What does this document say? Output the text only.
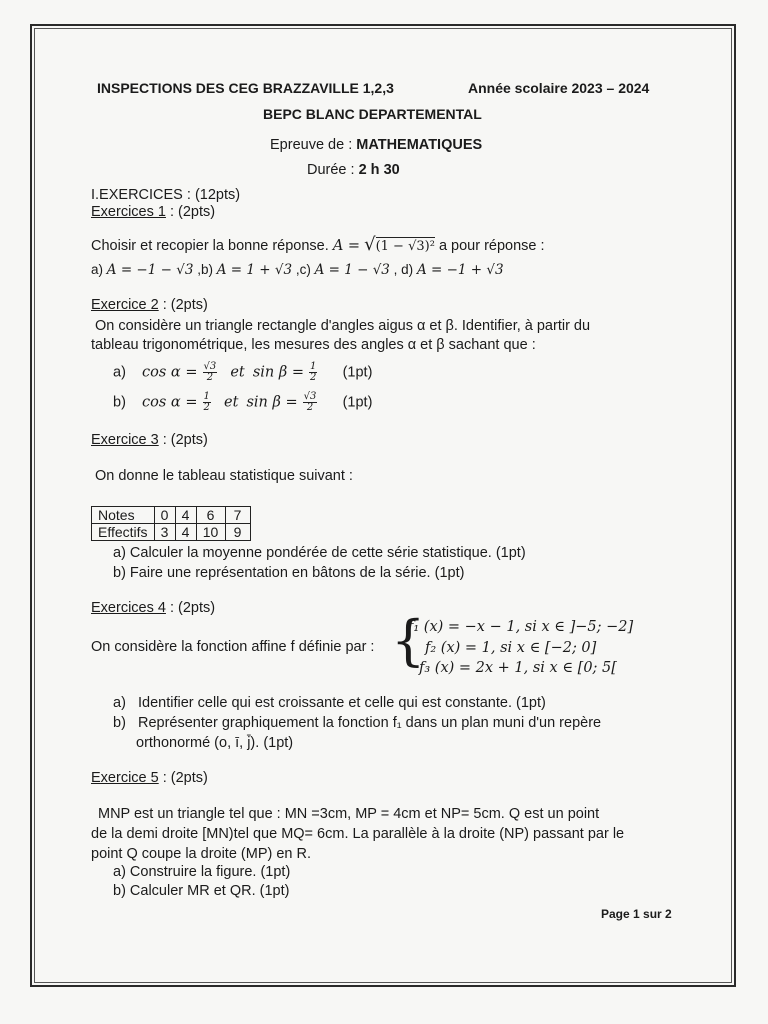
INSPECTIONS DES CEG BRAZZAVILLE 1,2,3	Année scolaire 2023 – 2024
BEPC BLANC DEPARTEMENTAL
Epreuve de : MATHEMATIQUES
Durée : 2 h 30
I.EXERCICES : (12pts)
Exercices 1 : (2pts)
Choisir et recopier la bonne réponse. A = √(1 − √3)² a pour réponse :
a) A = −1 − √3 ,b) A = 1 + √3 ,c) A = 1 − √3 , d) A = −1 + √3
Exercice 2 : (2pts)
On considère un triangle rectangle d'angles aigus α et β. Identifier, à partir du
tableau trigonométrique, les mesures des angles α et β sachant que :
a) $\cos \alpha = \frac{√3}{2}$ et $\sin \beta = \frac{1}{2} (1pt)$
b) $\cos \alpha = \frac{1}{2}$ et $\sin \beta = \frac{√3}{2} (1pt)$
Exercice 3 : (2pts)
On donne le tableau statistique suivant :
Notes	0	4	6	7
Effectifs	3	4	10	9
a) Calculer la moyenne pondérée de cette série statistique. (1pt)
b) Faire une représentation en bâtons de la série. (1pt)
Exercices 4 : (2pts)
On considère la fonction affine f définie par : {
f₁ (x) = −x − 1, si x ∈ ]−5; −2]
f₂ (x) = 1, si x ∈ [−2; 0]
f₃ (x) = 2x + 1, si x ∈ [0; 5[
a) Identifier celle qui est croissante et celle qui est constante. (1pt)
b) Représenter graphiquement la fonction f₁ dans un plan muni d'un repère
orthonormé (o, ī, j̄). (1pt)
Exercice 5 : (2pts)
MNP est un triangle tel que : MN =3cm, MP = 4cm et NP= 5cm. Q est un point
de la demi droite [MN)tel que MQ= 6cm. La parallèle à la droite (NP) passant par le
point Q coupe la droite (MP) en R.
a) Construire la figure. (1pt)
b) Calculer MR et QR. (1pt)
Page 1 sur 2
